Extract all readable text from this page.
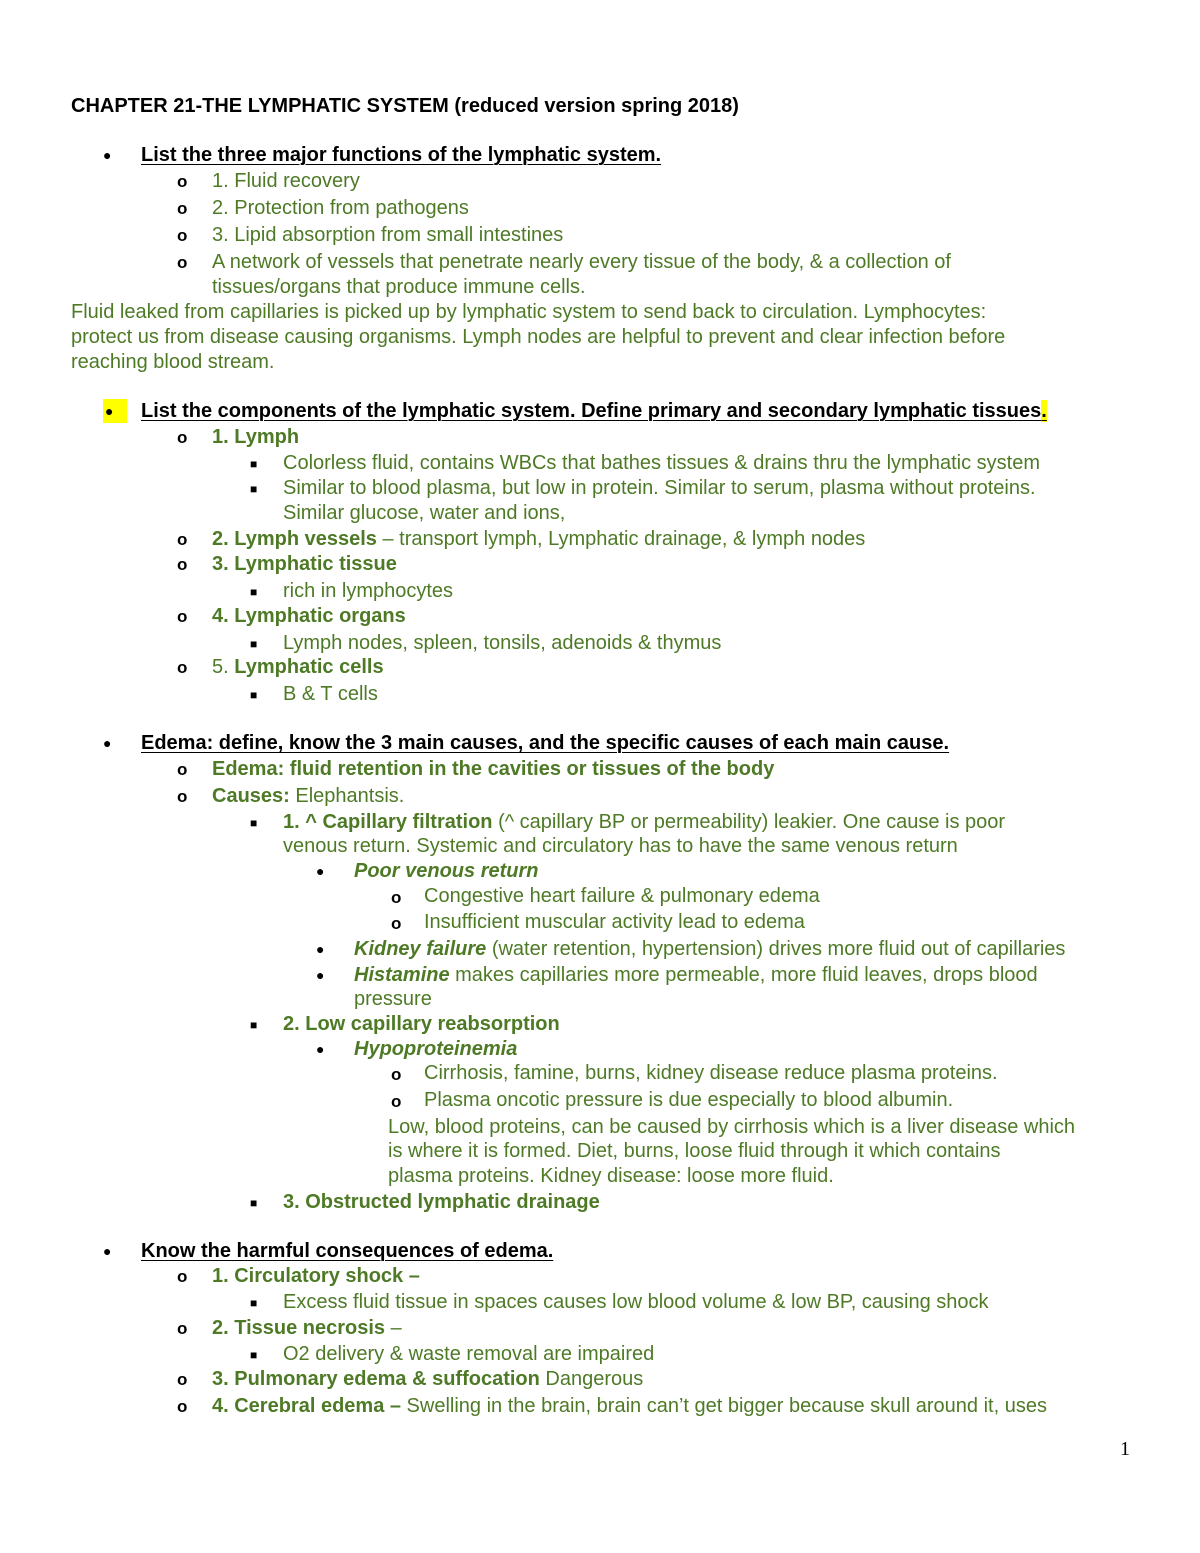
CHAPTER 21-THE LYMPHATIC SYSTEM (reduced version spring 2018)
● List the three major functions of the lymphatic system.
o 1. Fluid recovery
o 2. Protection from pathogens
o 3. Lipid absorption from small intestines
o A network of vessels that penetrate nearly every tissue of the body, & a collection of
tissues/organs that produce immune cells.
Fluid leaked from capillaries is picked up by lymphatic system to send back to circulation. Lymphocytes:
protect us from disease causing organisms. Lymph nodes are helpful to prevent and clear infection before
reaching blood stream.
●	List the components of the lymphatic system. Define primary and secondary lymphatic tissues.
o 1. Lymph
■ Colorless fluid, contains WBCs that bathes tissues & drains thru the lymphatic system
■ Similar to blood plasma, but low in protein. Similar to serum, plasma without proteins.
Similar glucose, water and ions,
o 2. Lymph vessels – transport lymph, Lymphatic drainage, & lymph nodes
o 3. Lymphatic tissue
■ rich in lymphocytes
o 4. Lymphatic organs
■ Lymph nodes, spleen, tonsils, adenoids & thymus
o 5. Lymphatic cells
■ B & T cells
● Edema: define, know the 3 main causes, and the specific causes of each main cause.
o Edema: fluid retention in the cavities or tissues of the body
o Causes: Elephantsis.
■ 1. ^ Capillary filtration (^ capillary BP or permeability) leakier. One cause is poor
venous return. Systemic and circulatory has to have the same venous return
● Poor venous return
o Congestive heart failure & pulmonary edema
o Insufficient muscular activity lead to edema
● Kidney failure (water retention, hypertension) drives more fluid out of capillaries
● Histamine makes capillaries more permeable, more fluid leaves, drops blood
pressure
■ 2. Low capillary reabsorption
● Hypoproteinemia
o Cirrhosis, famine, burns, kidney disease reduce plasma proteins.
o Plasma oncotic pressure is due especially to blood albumin.
Low, blood proteins, can be caused by cirrhosis which is a liver disease which
is where it is formed. Diet, burns, loose fluid through it which contains
plasma proteins. Kidney disease: loose more fluid.
■ 3. Obstructed lymphatic drainage
● Know the harmful consequences of edema.
o 1. Circulatory shock –
■ Excess fluid tissue in spaces causes low blood volume & low BP, causing shock
o 2. Tissue necrosis –
■ O2 delivery & waste removal are impaired
o 3. Pulmonary edema & suffocation Dangerous
o 4. Cerebral edema – Swelling in the brain, brain can’t get bigger because skull around it, uses
1
